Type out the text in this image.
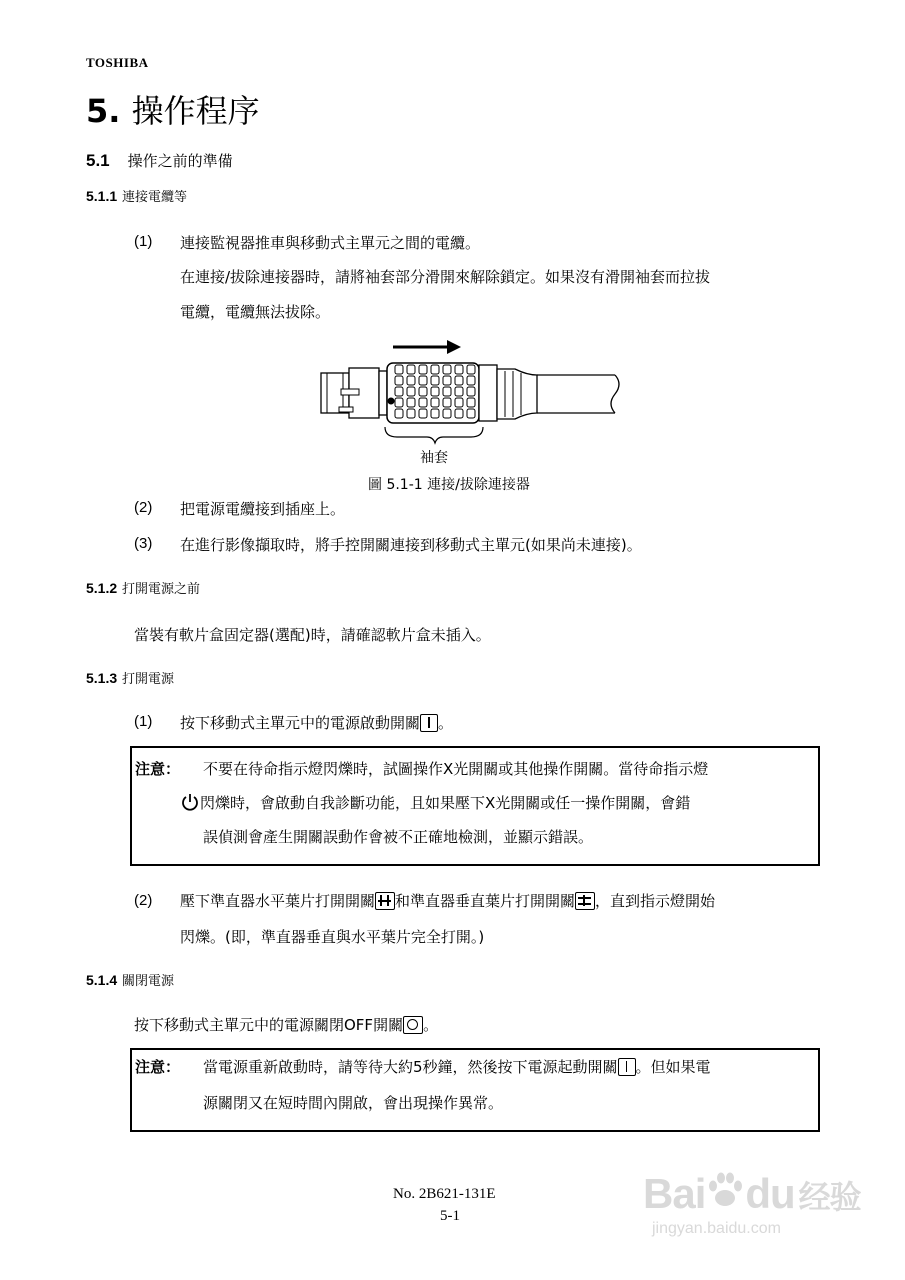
TOSHIBA
5. 操作程序
5.1 操作之前的準備
5.1.1 連接電纜等
(1) 連接監視器推車與移動式主單元之間的電纜。
在連接/拔除連接器時，請將袖套部分滑開來解除鎖定。如果沒有滑開袖套而拉拔
電纜，電纜無法拔除。
袖套
圖 5.1-1 連接/拔除連接器
(2) 把電源電纜接到插座上。
(3) 在進行影像擷取時，將手控開關連接到移動式主單元(如果尚未連接)。
5.1.2 打開電源之前
當裝有軟片盒固定器(選配)時，請確認軟片盒未插入。
5.1.3 打開電源
(1) 按下移動式主單元中的電源啟動開關 。
注意： 不要在待命指示燈閃爍時，試圖操作X光開關或其他操作開關。當待命指示燈
閃爍時，會啟動自我診斷功能，且如果壓下X光開關或任一操作開關，會錯
誤偵測會產生開關誤動作會被不正確地檢測，並顯示錯誤。
(2) 壓下準直器水平葉片打開開關 和準直器垂直葉片打開開關 ，直到指示燈開始
閃爍。(即，準直器垂直與水平葉片完全打開。)
5.1.4 關閉電源
按下移動式主單元中的電源關閉OFF開關 。
注意： 當電源重新啟動時，請等待大約5秒鐘，然後按下電源起動開關 。但如果電
源關閉又在短時間內開啟，會出現操作異常。
No. 2B621-131E
5-1	Bai du 经验
jingyan.baidu.com
